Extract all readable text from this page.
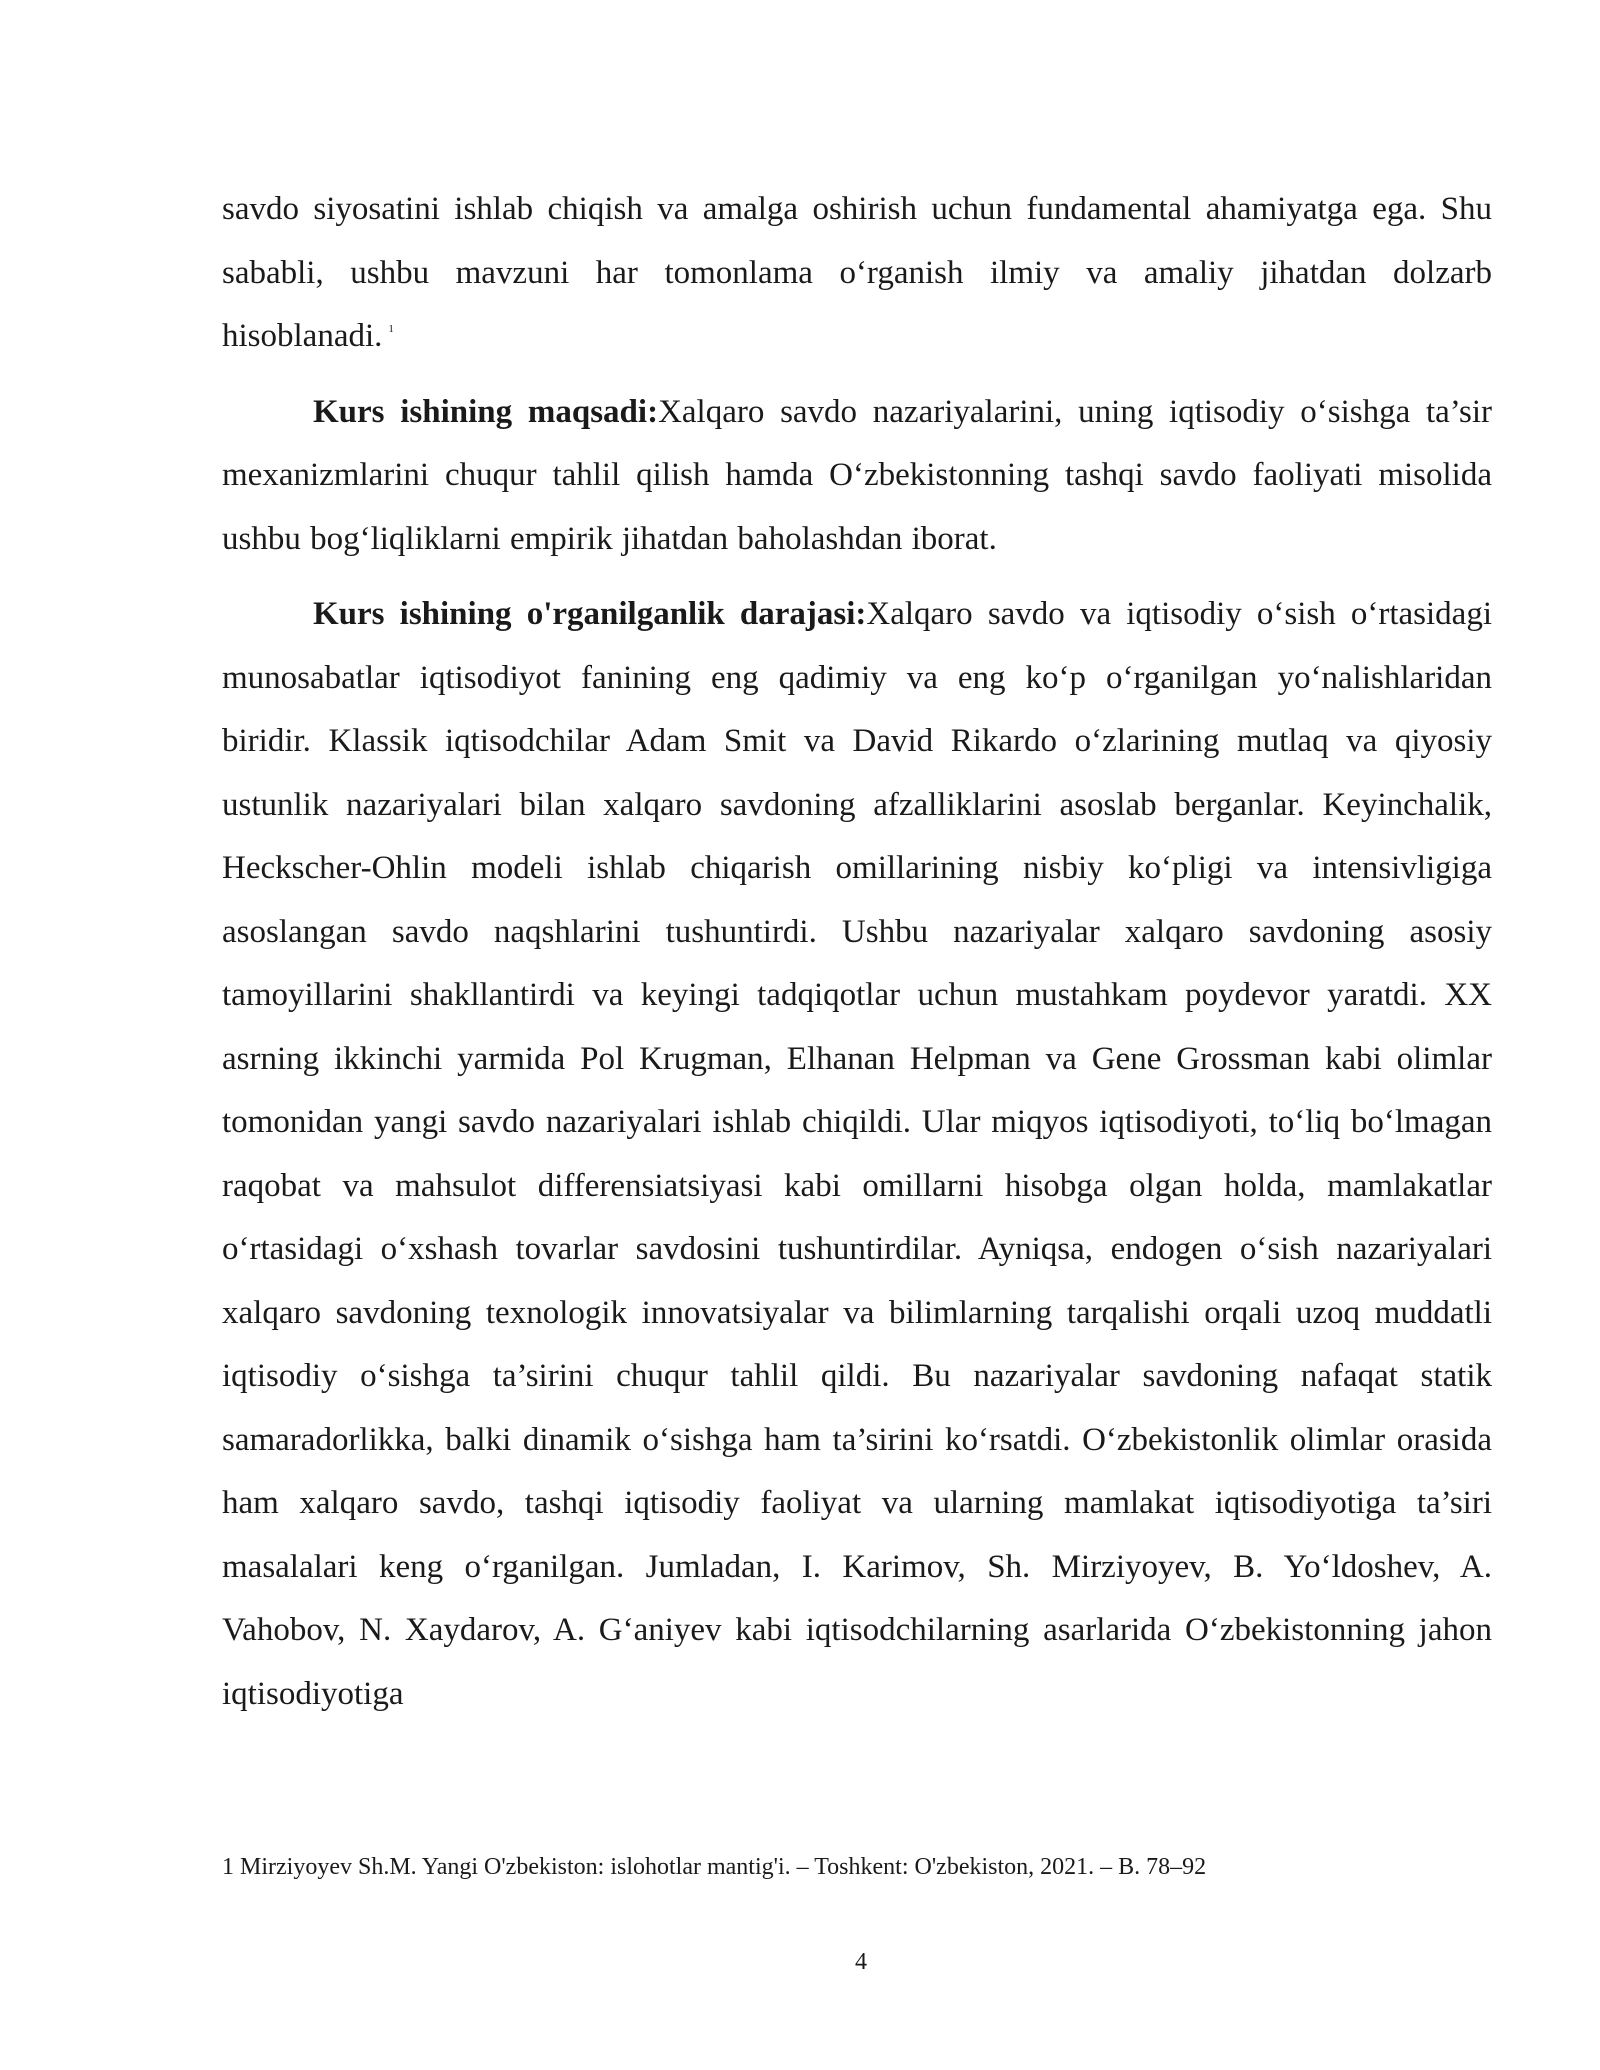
savdo siyosatini ishlab chiqish va amalga oshirish uchun fundamental ahamiyatga ega. Shu sababli, ushbu mavzuni har tomonlama o‘rganish ilmiy va amaliy jihatdan dolzarb hisoblanadi. $^1$

Kurs ishining maqsadi:Xalqaro savdo nazariyalarini, uning iqtisodiy o‘sishga ta’sir mexanizmlarini chuqur tahlil qilish hamda O‘zbekistonning tashqi savdo faoliyati misolida ushbu bog‘liqliklarni empirik jihatdan baholashdan iborat.

Kurs ishining o'rganilganlik darajasi:Xalqaro savdo va iqtisodiy o‘sish o‘rtasidagi munosabatlar iqtisodiyot fanining eng qadimiy va eng ko‘p o‘rganilgan yo‘nalishlaridan biridir. Klassik iqtisodchilar Adam Smit va David Rikardo o‘zlarining mutlaq va qiyosiy ustunlik nazariyalari bilan xalqaro savdoning afzalliklarini asoslab berganlar. Keyinchalik, Heckscher-Ohlin modeli ishlab chiqarish omillarining nisbiy ko‘pligi va intensivligiga asoslangan savdo naqshlarini tushuntirdi. Ushbu nazariyalar xalqaro savdoning asosiy tamoyillarini shakllantirdi va keyingi tadqiqotlar uchun mustahkam poydevor yaratdi. XX asrning ikkinchi yarmida Pol Krugman, Elhanan Helpman va Gene Grossman kabi olimlar tomonidan yangi savdo nazariyalari ishlab chiqildi. Ular miqyos iqtisodiyoti, to‘liq bo‘lmagan raqobat va mahsulot differensiatsiyasi kabi omillarni hisobga olgan holda, mamlakatlar o‘rtasidagi o‘xshash tovarlar savdosini tushuntirdilar. Ayniqsa, endogen o‘sish nazariyalari xalqaro savdoning texnologik innovatsiyalar va bilimlarning tarqalishi orqali uzoq muddatli iqtisodiy o‘sishga ta’sirini chuqur tahlil qildi. Bu nazariyalar savdoning nafaqat statik samaradorlikka, balki dinamik o‘sishga ham ta’sirini ko‘rsatdi. O‘zbekistonlik olimlar orasida ham xalqaro savdo, tashqi iqtisodiy faoliyat va ularning mamlakat iqtisodiyotiga ta’siri masalalari keng o‘rganilgan. Jumladan, I. Karimov, Sh. Mirziyoyev, B. Yo‘ldoshev, A. Vahobov, N. Xaydarov, A. G‘aniyev kabi iqtisodchilarning asarlarida O‘zbekistonning jahon iqtisodiyotiga

1 Mirziyoyev Sh.M. Yangi O'zbekiston: islohotlar mantig'i. – Toshkent: O'zbekiston, 2021. – B. 78–92
4
